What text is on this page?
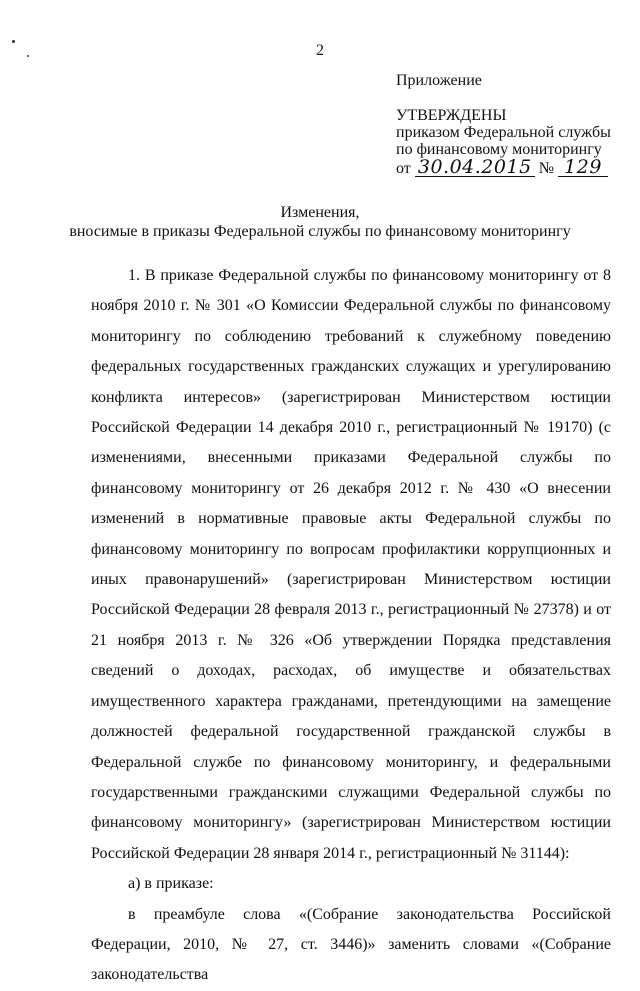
2
Приложение
УТВЕРЖДЕНЫ
приказом Федеральной службы
по финансовому мониторингу
от 30.04.2015 № 129
Изменения,
вносимые в приказы Федеральной службы по финансовому мониторингу

1. В приказе Федеральной службы по финансовому мониторингу от 8 ноября 2010 г. № 301 «О Комиссии Федеральной службы по финансовому мониторингу по соблюдению требований к служебному поведению федеральных государственных гражданских служащих и урегулированию конфликта интересов» (зарегистрирован Министерством юстиции Российской Федерации 14 декабря 2010 г., регистрационный № 19170) (с изменениями, внесенными приказами Федеральной службы по финансовому мониторингу от 26 декабря 2012 г. № 430 «О внесении изменений в нормативные правовые акты Федеральной службы по финансовому мониторингу по вопросам профилактики коррупционных и иных правонарушений» (зарегистрирован Министерством юстиции Российской Федерации 28 февраля 2013 г., регистрационный № 27378) и от 21 ноября 2013 г. № 326 «Об утверждении Порядка представления сведений о доходах, расходах, об имуществе и обязательствах имущественного характера гражданами, претендующими на замещение должностей федеральной государственной гражданской службы в Федеральной службе по финансовому мониторингу, и федеральными государственными гражданскими служащими Федеральной службы по финансовому мониторингу» (зарегистрирован Министерством юстиции Российской Федерации 28 января 2014 г., регистрационный № 31144):

а) в приказе:

в преамбуле слова «(Собрание законодательства Российской Федерации, 2010, № 27, ст. 3446)» заменить словами «(Собрание законодательства
